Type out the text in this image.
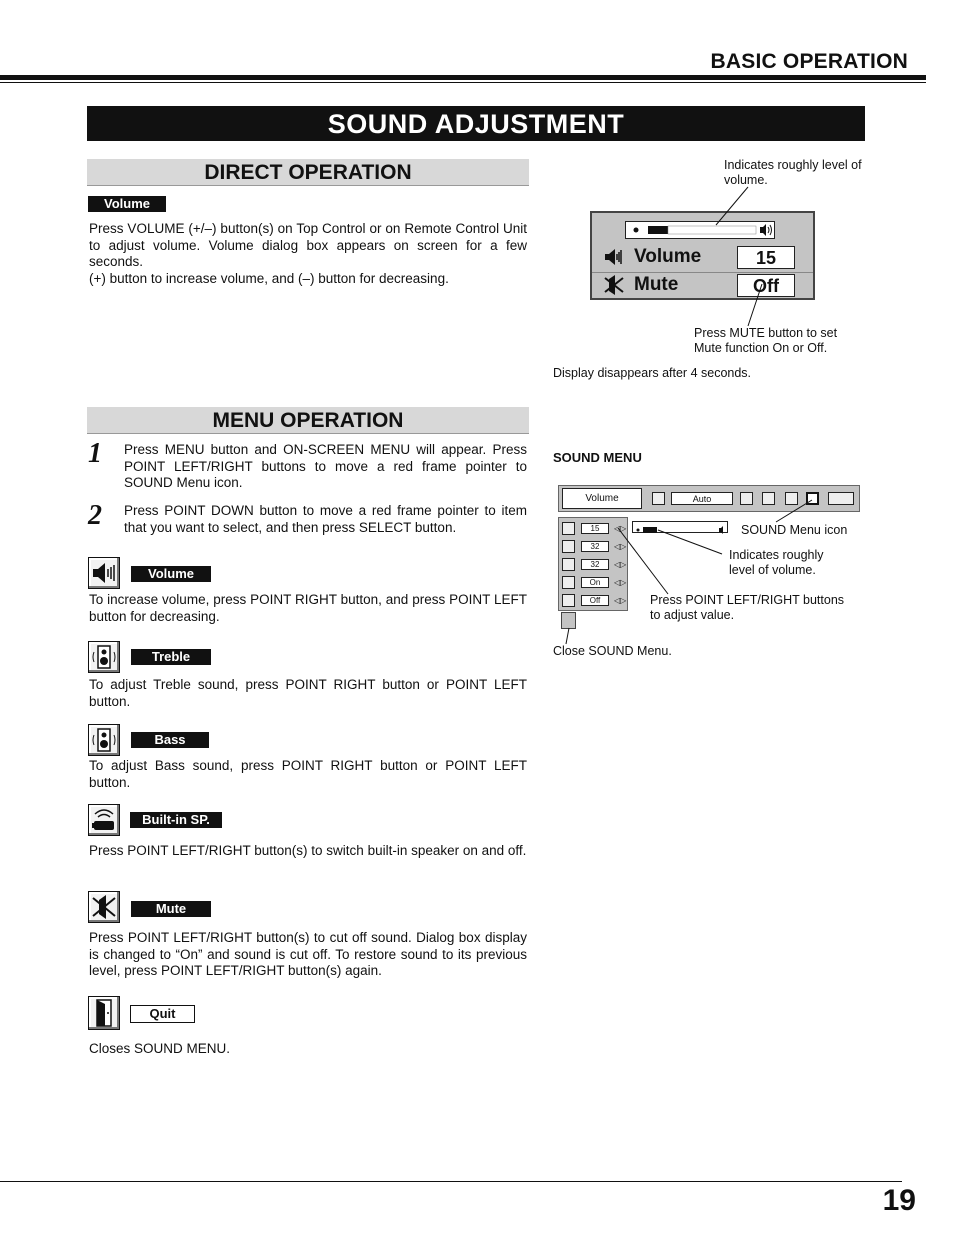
BASIC OPERATION
SOUND ADJUSTMENT
DIRECT OPERATION
Volume
Press VOLUME (+/–) button(s) on Top Control or on Remote Control Unit to adjust volume. Volume dialog box appears on screen for a few seconds.
(+) button to increase volume, and (–) button for decreasing.
Indicates roughly level of volume.
Volume	15
Mute	Off
Press MUTE button to set Mute function On or Off.
Display disappears after 4 seconds.
MENU OPERATION
1 Press MENU button and ON-SCREEN MENU will appear. Press POINT LEFT/RIGHT buttons to move a red frame pointer to SOUND Menu icon.
2 Press POINT DOWN button to move a red frame pointer to item that you want to select, and then press SELECT button.
Volume
To increase volume, press POINT RIGHT button, and press POINT LEFT button for decreasing.
Treble
To adjust Treble sound, press POINT RIGHT button or POINT LEFT button.
Bass
To adjust Bass sound, press POINT RIGHT button or POINT LEFT button.
Built-in SP.
Press POINT LEFT/RIGHT button(s) to switch built-in speaker on and off.
Mute
Press POINT LEFT/RIGHT button(s) to cut off sound. Dialog box display is changed to “On” and sound is cut off. To restore sound to its previous level, press POINT LEFT/RIGHT button(s) again.
Quit
Closes SOUND MENU.
SOUND MENU
Volume	Auto
15	◁▷
32	◁▷
32	◁▷
On	◁▷
Off	◁▷
SOUND Menu icon
Indicates roughly level of volume.
Press POINT LEFT/RIGHT buttons to adjust value.
Close SOUND Menu.
19
